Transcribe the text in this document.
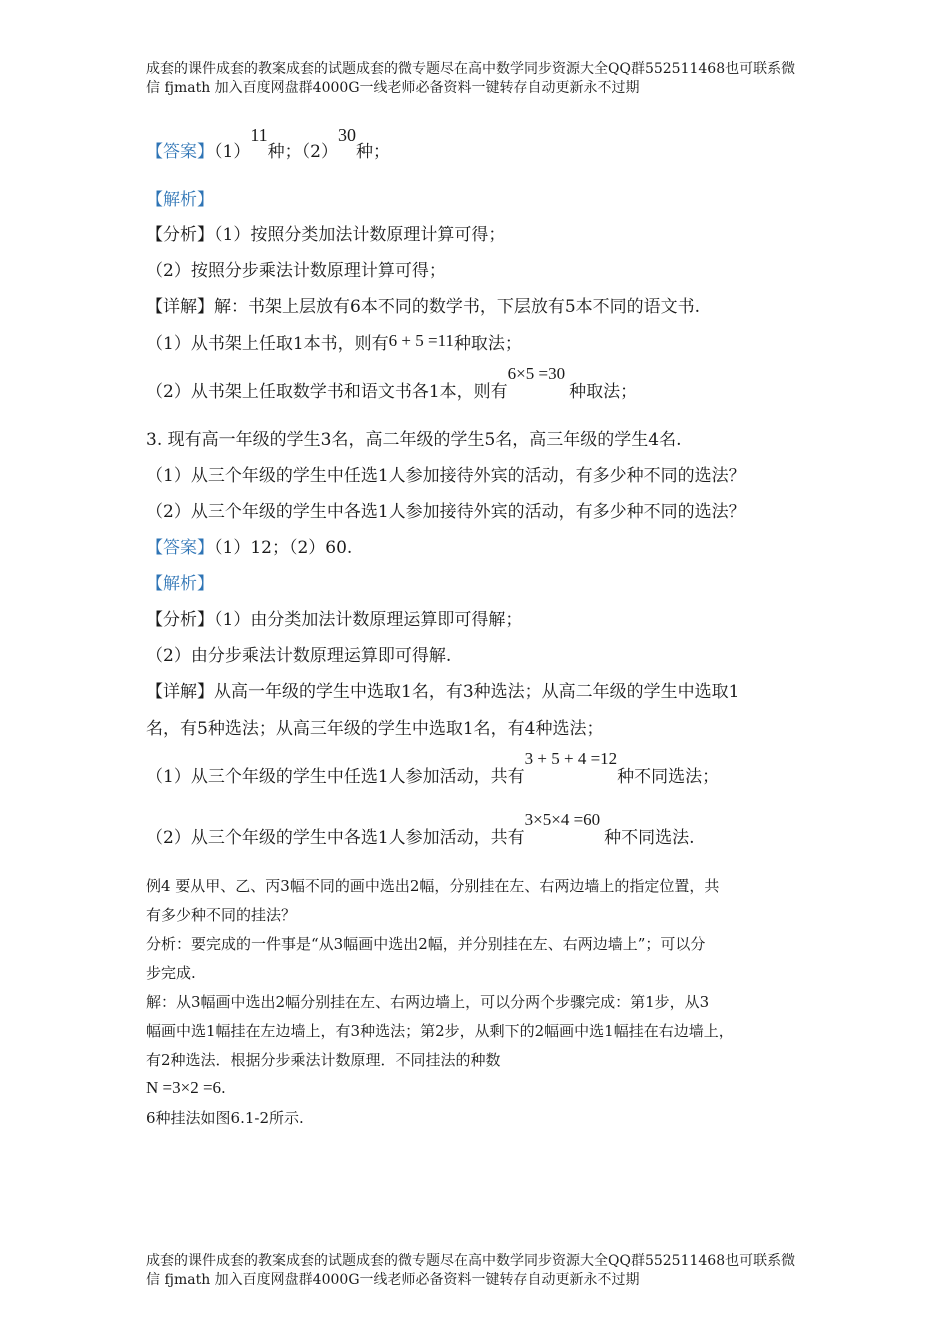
成套的课件成套的教案成套的试题成套的微专题尽在高中数学同步资源大全QQ群552511468也可联系微
信 fjmath 加入百度网盘群4000G一线老师必备资料一键转存自动更新永不过期
【答案】（1）11种；（2）30种；
【解析】
【分析】（1）按照分类加法计数原理计算可得；
（2）按照分步乘法计数原理计算可得；
【详解】解：书架上层放有6本不同的数学书，下层放有5本不同的语文书.
（1）从书架上任取1本书，则有6 + 5 =11种取法；
（2）从书架上任取数学书和语文书各1本，则有6×5 =30种取法；
3. 现有高一年级的学生3名，高二年级的学生5名，高三年级的学生4名.
（1）从三个年级的学生中任选1人参加接待外宾的活动，有多少种不同的选法？
（2）从三个年级的学生中各选1人参加接待外宾的活动，有多少种不同的选法？
【答案】（1）12；（2）60.
【解析】
【分析】（1）由分类加法计数原理运算即可得解；
（2）由分步乘法计数原理运算即可得解.
【详解】从高一年级的学生中选取1名，有3种选法；从高二年级的学生中选取1
名，有5种选法；从高三年级的学生中选取1名，有4种选法；
（1）从三个年级的学生中任选1人参加活动，共有3 + 5 + 4 =12种不同选法；
（2）从三个年级的学生中各选1人参加活动，共有3×5×4 =60种不同选法.
例4 要从甲、乙、丙3幅不同的画中选出2幅，分别挂在左、右两边墙上的指定位置，共
有多少种不同的挂法？
分析：要完成的一件事是“从3幅画中选出2幅，并分别挂在左、右两边墙上”；可以分
步完成.
解：从3幅画中选出2幅分别挂在左、右两边墙上，可以分两个步骤完成：第1步，从3
幅画中选1幅挂在左边墙上，有3种选法；第2步，从剩下的2幅画中选1幅挂在右边墙上，
有2种选法．根据分步乘法计数原理．不同挂法的种数
N =3×2 =6.
6种挂法如图6.1-2所示.
成套的课件成套的教案成套的试题成套的微专题尽在高中数学同步资源大全QQ群552511468也可联系微
信 fjmath 加入百度网盘群4000G一线老师必备资料一键转存自动更新永不过期
